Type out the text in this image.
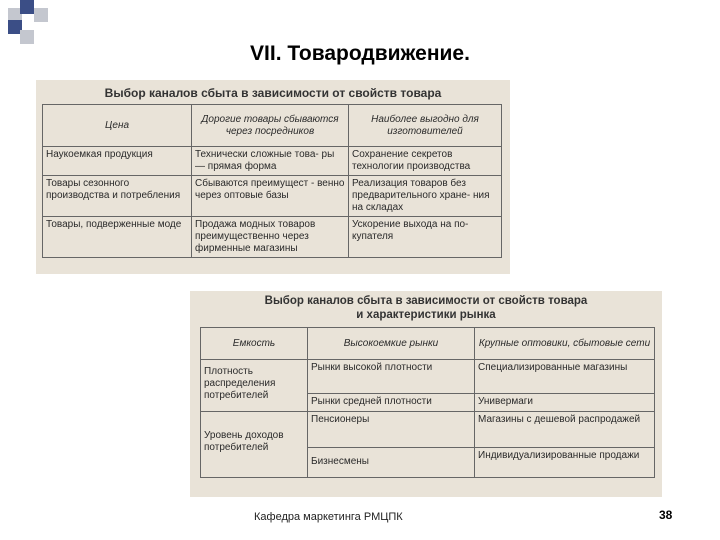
VII. Товародвижение.
Выбор каналов сбыта в зависимости от свойств товара
Цена	Дорогие товары сбываются через посредников	Наиболее выгодно для изготовителей
Наукоемкая продукция	Технически сложные това- ры — прямая форма	Сохранение секретов технологии производства
Товары сезонного производства и потребления	Сбываются преимущест - венно через оптовые базы	Реализация товаров без предварительного хране- ния на складах
Товары, подверженные моде	Продажа модных товаров преимущественно через фирменные магазины	Ускорение выхода на по- купателя
Выбор каналов сбыта в зависимости от свойств товара и характеристики рынка
Емкость	Высокоемкие рынки	Крупные оптовики, сбытовые сети
Плотность распределения потребителей	Рынки высокой плотности	Специализированные магазины
	Рынки средней плотности	Универмаги
Уровень доходов потребителей	Пенсионеры	Магазины с дешевой распродажей
	Бизнесмены	Индивидуализированные продажи
Кафедра маркетинга РМЦПК	38
